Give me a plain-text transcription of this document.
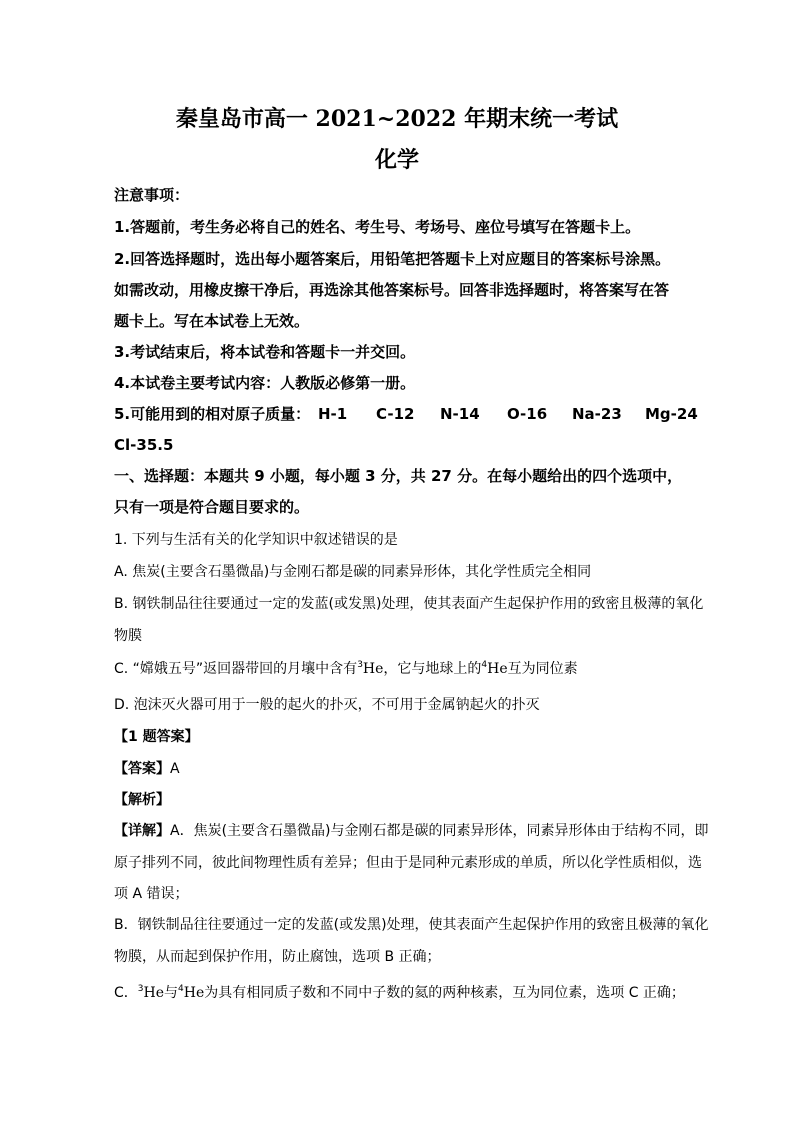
秦皇岛市高一 2021~2022 年期末统一考试
化学
注意事项：
1.答题前，考生务必将自己的姓名、考生号、考场号、座位号填写在答题卡上。
2.回答选择题时，选出每小题答案后，用铅笔把答题卡上对应题目的答案标号涂黑。
如需改动，用橡皮擦干净后，再选涂其他答案标号。回答非选择题时，将答案写在答
题卡上。写在本试卷上无效。
3.考试结束后，将本试卷和答题卡一并交回。
4.本试卷主要考试内容：人教版必修第一册。
5.可能用到的相对原子质量： H-1 C-12 N-14 O-16 Na-23 Mg-24
Cl-35.5
一、选择题：本题共 9 小题，每小题 3 分，共 27 分。在每小题给出的四个选项中，
只有一项是符合题目要求的。
1. 下列与生活有关的化学知识中叙述错误的是
A. 焦炭(主要含石墨微晶)与金刚石都是碳的同素异形体，其化学性质完全相同
B. 钢铁制品往往要通过一定的发蓝(或发黑)处理，使其表面产生起保护作用的致密且极薄的氧化
物膜
C. “嫦娥五号”返回器带回的月壤中含有$^3$He，它与地球上的$^4$He互为同位素
D. 泡沫灭火器可用于一般的起火的扑灭，不可用于金属钠起火的扑灭
【1 题答案】
【答案】A
【解析】
【详解】A．焦炭(主要含石墨微晶)与金刚石都是碳的同素异形体，同素异形体由于结构不同，即
原子排列不同，彼此间物理性质有差异；但由于是同种元素形成的单质，所以化学性质相似，选
项 A 错误；
B．钢铁制品往往要通过一定的发蓝(或发黑)处理，使其表面产生起保护作用的致密且极薄的氧化
物膜，从而起到保护作用，防止腐蚀，选项 B 正确；
C．$^3$He与$^4$He为具有相同质子数和不同中子数的氦的两种核素，互为同位素，选项 C 正确；
